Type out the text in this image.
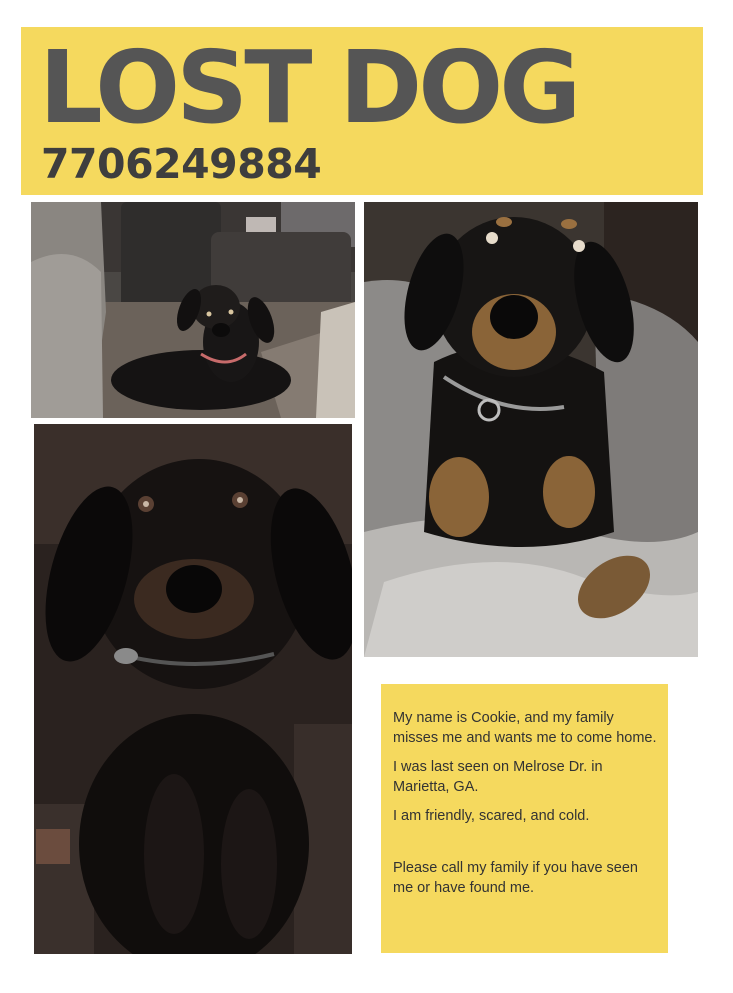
LOST DOG
7706249884

My name is Cookie, and my family
misses me and wants me to come home.

I was last seen on Melrose Dr. in
Marietta, GA.

I am friendly, scared, and cold.

Please call my family if you have seen
me or have found me.
